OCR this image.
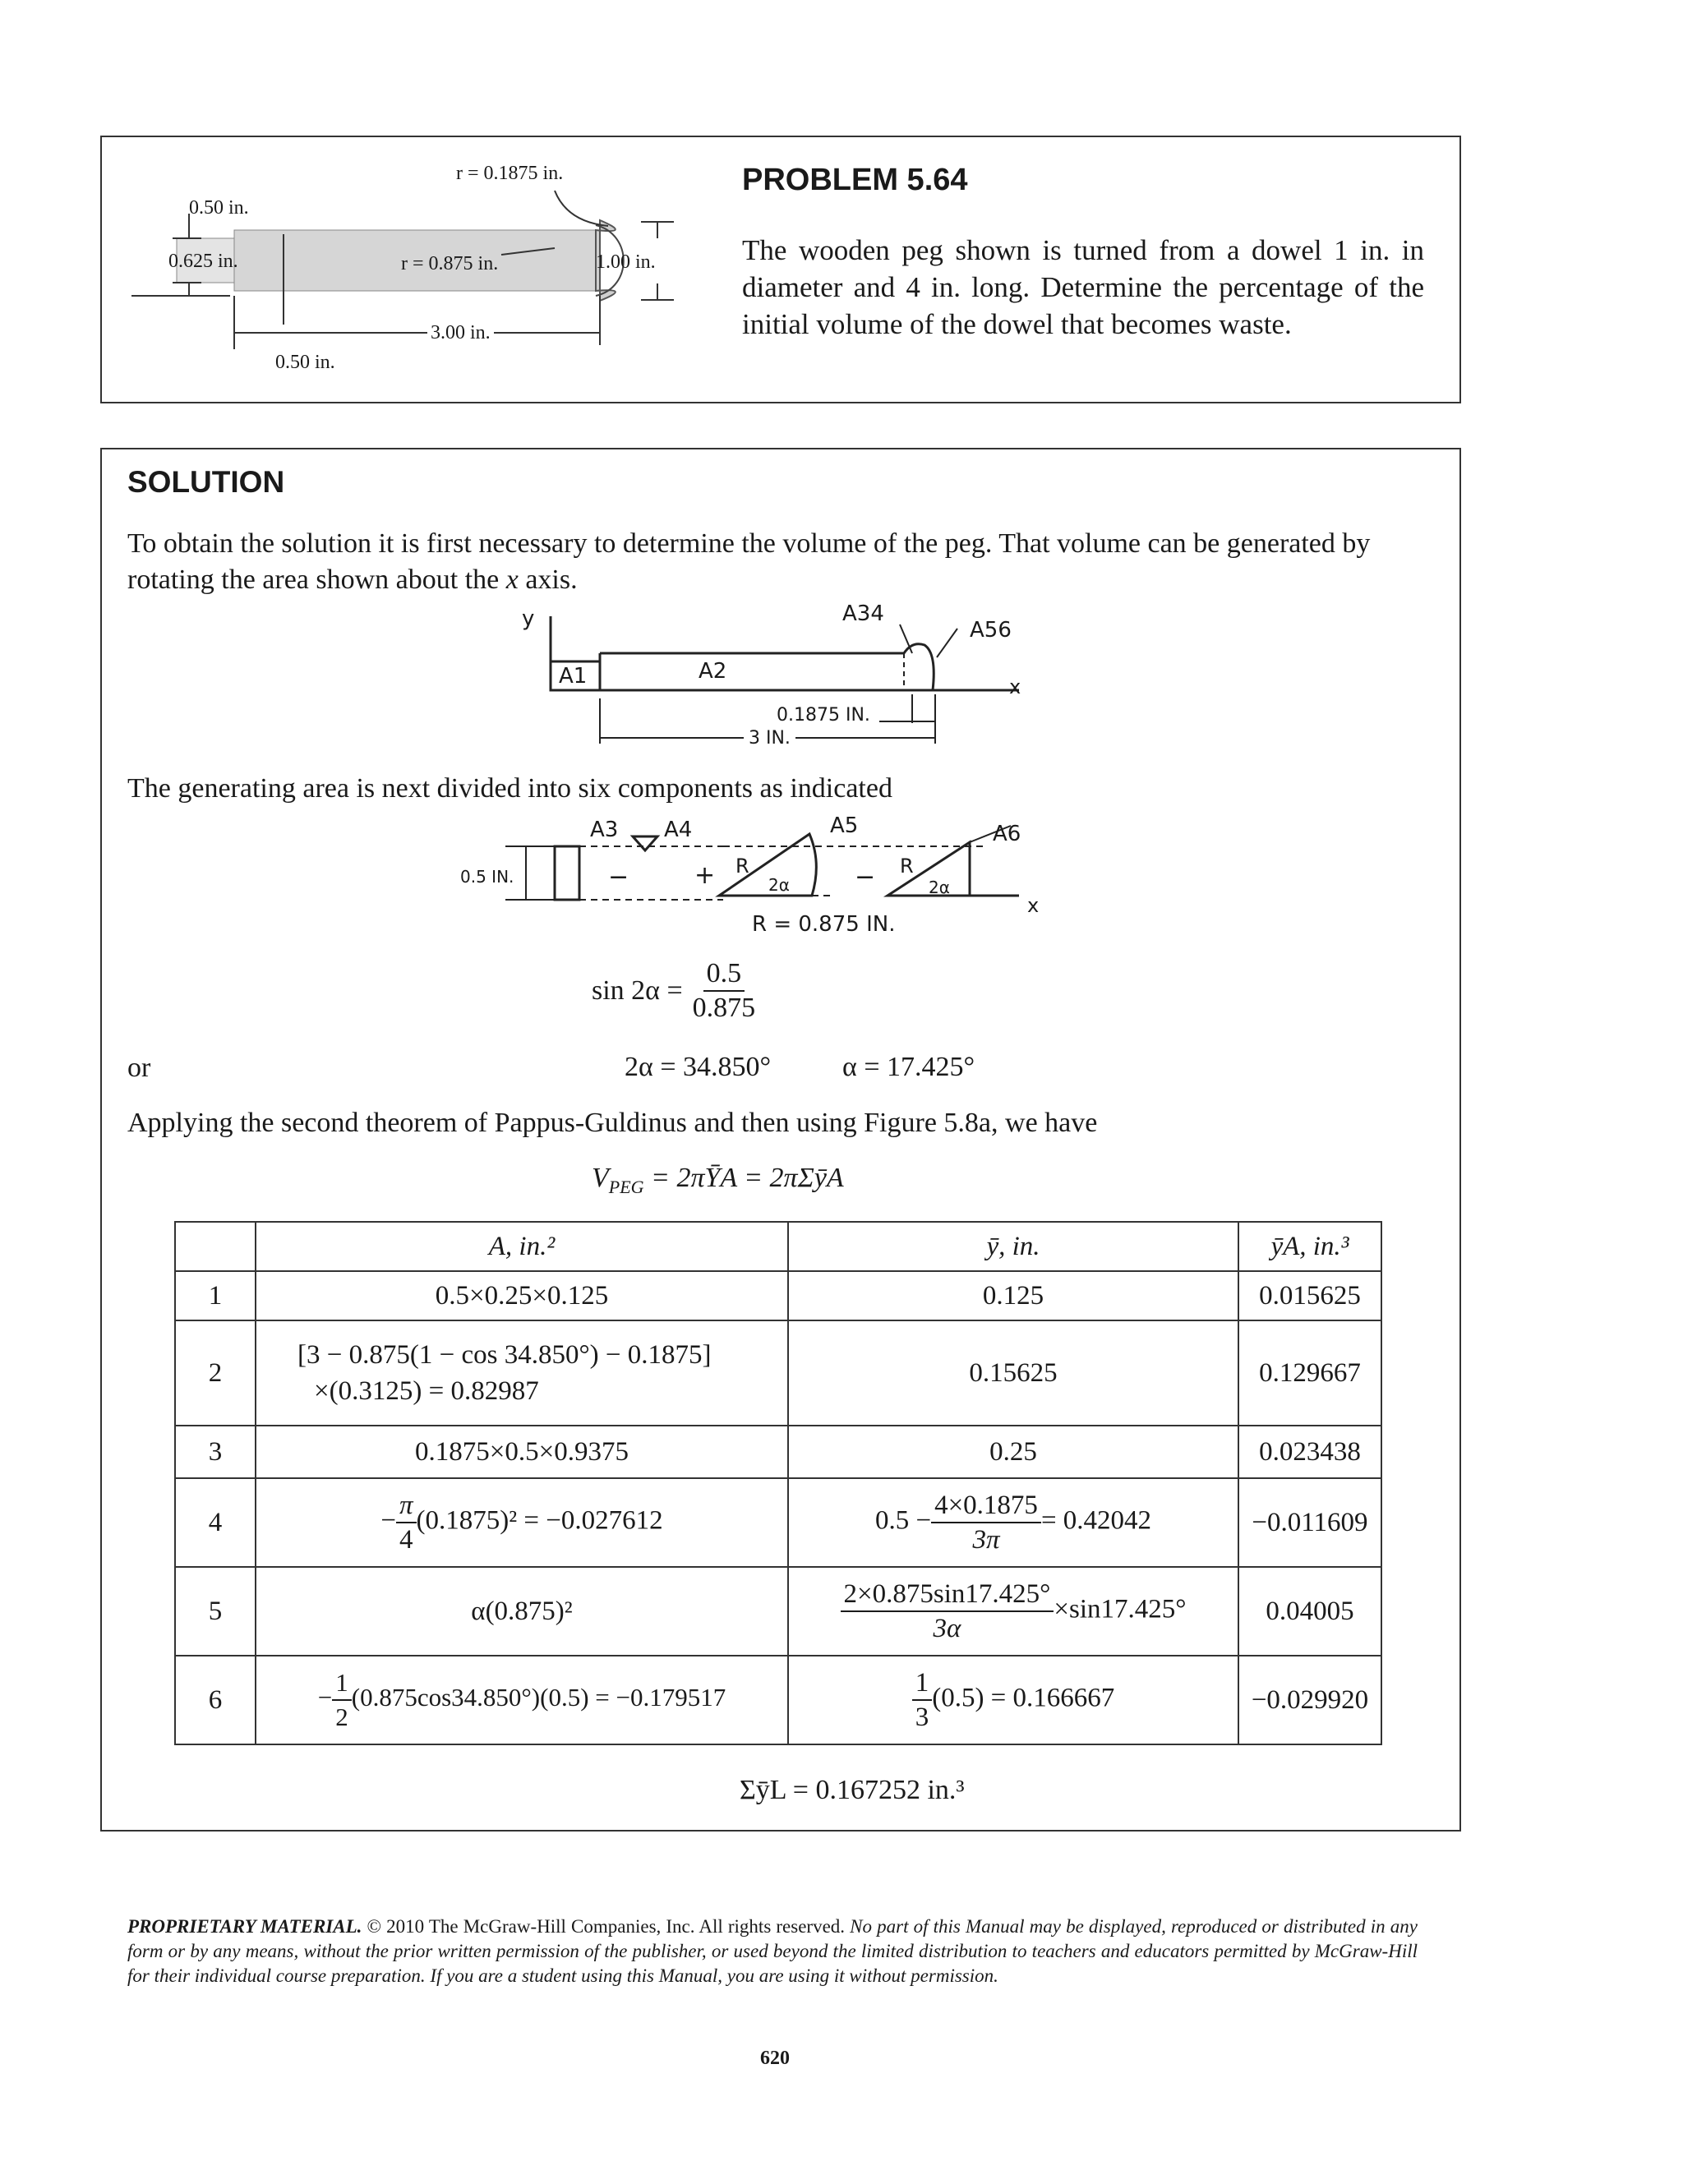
r = 0.1875 in.
0.50 in.
0.625 in.	r = 0.875 in.	1.00 in.
3.00 in.
0.50 in.
PROBLEM 5.64
The wooden peg shown is turned from a dowel 1 in. in diameter and 4 in. long. Determine the percentage of the initial volume of the dowel that becomes waste.
SOLUTION
To obtain the solution it is first necessary to determine the volume of the peg. That volume can be generated by rotating the area shown about the x axis.
y
A1	A2
A34
A56
x
0.1875 IN.
3 IN.
The generating area is next divided into six components as indicated
A3 A4	A5	A6
0.5 IN.	−	+ R
2α	− R
2α
x
R = 0.875 IN.
$\sin 2\alpha = \frac{0.5}{0.875}$
or	2α = 34.850°	α = 17.425°
Applying the second theorem of Pappus-Guldinus and then using Figure 5.8a, we have
$V_{PEG}$ = 2πȲA = 2πΣȳA
	A, in.²	ȳ, in.	ȳA, in.³
1	0.5×0.25×0.125	0.125	0.015625
2	[3 − 0.875(1 − cos 34.850°) − 0.1875]
×(0.3125) = 0.82987	0.15625	0.129667
3	0.1875×0.5×0.9375	0.25	0.023438
4	− $\frac{\pi}{4} (0.1875)^2 = -0.027612$	$0.5 - \frac{4\times 0.1875}{3\pi} = 0.42042$	−0.011609
5	α(0.875)²	$\frac{2\times 0.875\sin 17.425^\circ}{3\alpha} \times\sin 17.425^\circ$	0.04005
6	− $\frac{1}{2} (0.875\cos 34.850^\circ)(0.5) = -0.179517$	$\frac{1}{3} (0.5) = 0.166667$	−0.029920
ΣȳL = 0.167252 in.³
PROPRIETARY MATERIAL. © 2010 The McGraw-Hill Companies, Inc. All rights reserved. No part of this Manual may be displayed, reproduced or distributed in any form or by any means, without the prior written permission of the publisher, or used beyond the limited distribution to teachers and educators permitted by McGraw-Hill for their individual course preparation. If you are a student using this Manual, you are using it without permission.
620
